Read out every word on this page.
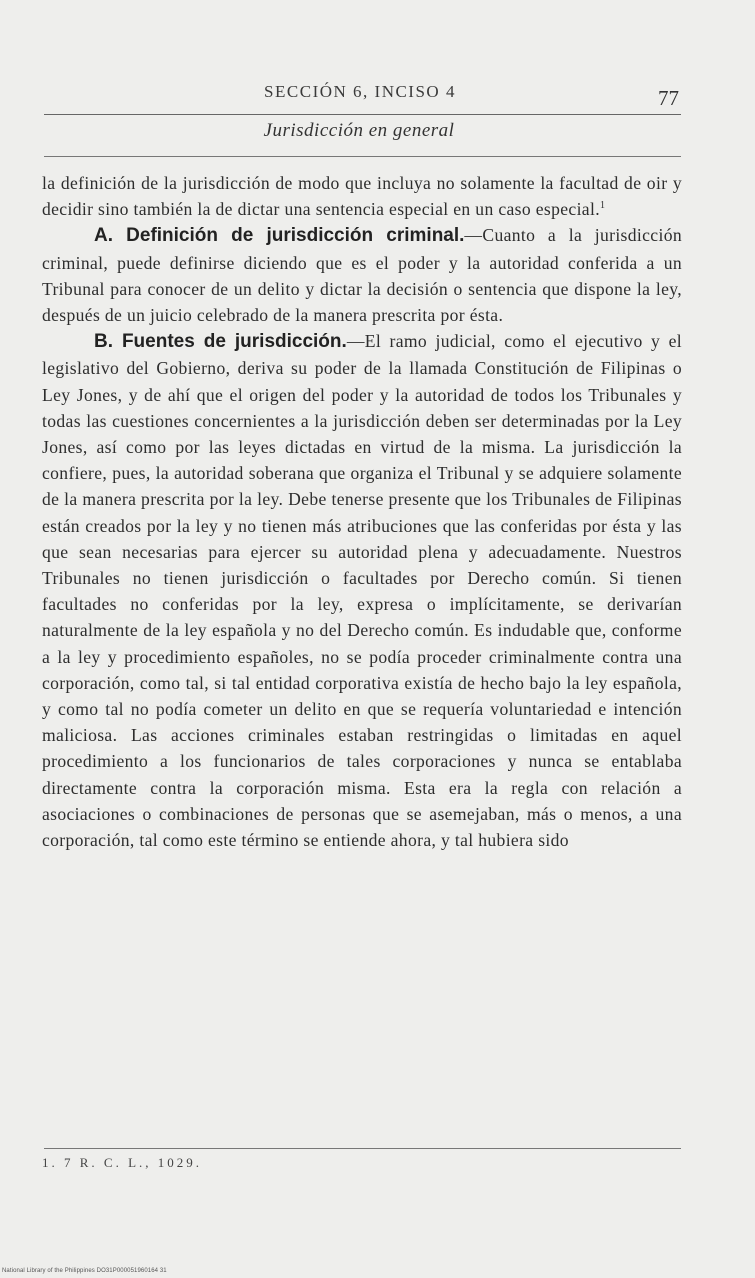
SECCIÓN 6, INCISO 4	77
Jurisdicción en general

la definición de la jurisdicción de modo que incluya no solamente la facultad de oir y decidir sino también la de dictar una sentencia especial en un caso especial.$^1$

A. Definición de jurisdicción criminal.—Cuanto a la jurisdicción criminal, puede definirse diciendo que es el poder y la autoridad conferida a un Tribunal para conocer de un delito y dictar la decisión o sentencia que dispone la ley, después de un juicio celebrado de la manera prescrita por ésta.

B. Fuentes de jurisdicción.—El ramo judicial, como el ejecutivo y el legislativo del Gobierno, deriva su poder de la llamada Constitución de Filipinas o Ley Jones, y de ahí que el origen del poder y la autoridad de todos los Tribunales y todas las cuestiones concernientes a la jurisdicción deben ser determinadas por la Ley Jones, así como por las leyes dictadas en virtud de la misma. La jurisdicción la confiere, pues, la autoridad soberana que organiza el Tribunal y se adquiere solamente de la manera prescrita por la ley. Debe tenerse presente que los Tribunales de Filipinas están creados por la ley y no tienen más atribuciones que las conferidas por ésta y las que sean necesarias para ejercer su autoridad plena y adecuadamente. Nuestros Tribunales no tienen jurisdicción o facultades por Derecho común. Si tienen facultades no conferidas por la ley, expresa o implícitamente, se derivarían naturalmente de la ley española y no del Derecho común. Es indudable que, conforme a la ley y procedimiento españoles, no se podía proceder criminalmente contra una corporación, como tal, si tal entidad corporativa existía de hecho bajo la ley española, y como tal no podía cometer un delito en que se requería voluntariedad e intención maliciosa. Las acciones criminales estaban restringidas o limitadas en aquel procedimiento a los funcionarios de tales corporaciones y nunca se entablaba directamente contra la corporación misma. Esta era la regla con relación a asociaciones o combinaciones de personas que se asemejaban, más o menos, a una corporación, tal como este término se entiende ahora, y tal hubiera sido

1. 7 R. C. L., 1029.
National Library of the Philippines DO31P000051960164 31
